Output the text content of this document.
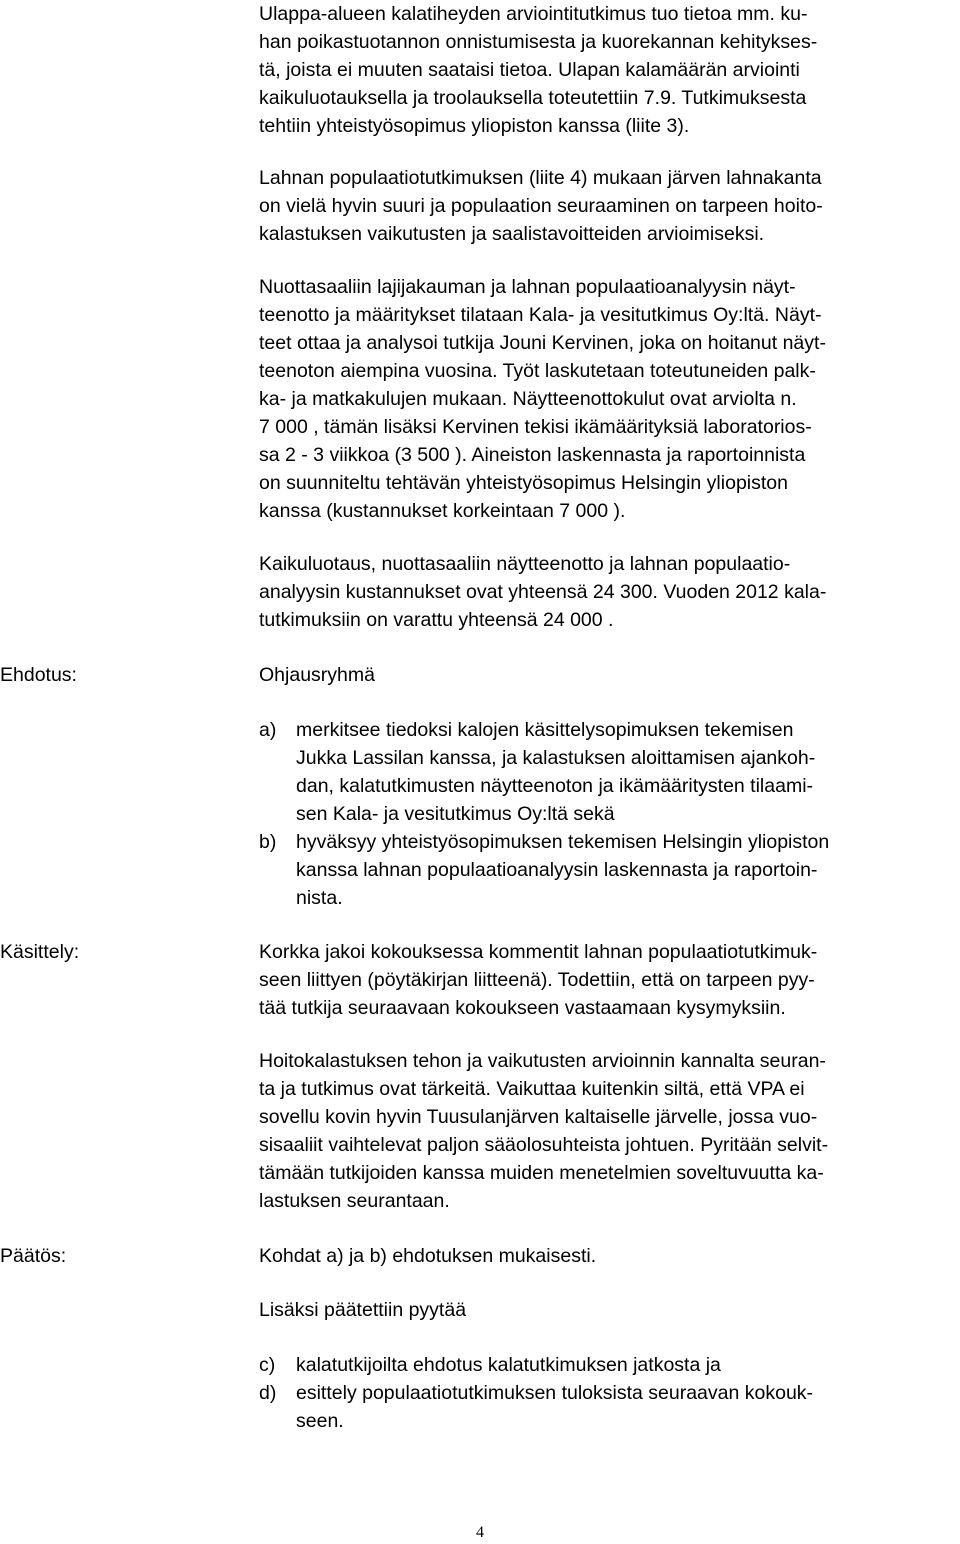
Ulappa-alueen kalatiheyden arviointitutkimus tuo tietoa mm. ku-
han poikastuotannon onnistumisesta ja kuorekannan kehitykses-
tä, joista ei muuten saataisi tietoa. Ulapan kalamäärän arviointi
kaikuluotauksella ja troolauksella toteutettiin 7.9. Tutkimuksesta
tehtiin yhteistyösopimus yliopiston kanssa (liite 3).
Lahnan populaatiotutkimuksen (liite 4) mukaan järven lahnakanta
on vielä hyvin suuri ja populaation seuraaminen on tarpeen hoito-
kalastuksen vaikutusten ja saalistavoitteiden arvioimiseksi.
Nuottasaaliin lajijakauman ja lahnan populaatioanalyysin näyt-
teenotto ja määritykset tilataan Kala- ja vesitutkimus Oy:ltä. Näyt-
teet ottaa ja analysoi tutkija Jouni Kervinen, joka on hoitanut näyt-
teenoton aiempina vuosina. Työt laskutetaan toteutuneiden palk-
ka- ja matkakulujen mukaan. Näytteenottokulut ovat arviolta n.
7 000 , tämän lisäksi Kervinen tekisi ikämäärityksiä laboratorios-
sa 2 - 3 viikkoa (3 500 ). Aineiston laskennasta ja raportoinnista
on suunniteltu tehtävän yhteistyösopimus Helsingin yliopiston
kanssa (kustannukset korkeintaan 7 000 ).
Kaikuluotaus, nuottasaaliin näytteenotto ja lahnan populaatio-
analyysin kustannukset ovat yhteensä 24 300. Vuoden 2012 kala-
tutkimuksiin on varattu yhteensä 24 000 .
Ehdotus:	Ohjausryhmä
a) merkitsee tiedoksi kalojen käsittelysopimuksen tekemisen
Jukka Lassilan kanssa, ja kalastuksen aloittamisen ajankoh-
dan, kalatutkimusten näytteenoton ja ikämääritysten tilaami-
sen Kala- ja vesitutkimus Oy:ltä sekä
b) hyväksyy yhteistyösopimuksen tekemisen Helsingin yliopiston
kanssa lahnan populaatioanalyysin laskennasta ja raportoin-
nista.
Käsittely:	Korkka jakoi kokouksessa kommentit lahnan populaatiotutkimuk-
seen liittyen (pöytäkirjan liitteenä). Todettiin, että on tarpeen pyy-
tää tutkija seuraavaan kokoukseen vastaamaan kysymyksiin.
Hoitokalastuksen tehon ja vaikutusten arvioinnin kannalta seuran-
ta ja tutkimus ovat tärkeitä. Vaikuttaa kuitenkin siltä, että VPA ei
sovellu kovin hyvin Tuusulanjärven kaltaiselle järvelle, jossa vuo-
sisaaliit vaihtelevat paljon sääolosuhteista johtuen. Pyritään selvit-
tämään tutkijoiden kanssa muiden menetelmien soveltuvuutta ka-
lastuksen seurantaan.
Päätös:	Kohdat a) ja b) ehdotuksen mukaisesti.
Lisäksi päätettiin pyytää
c) kalatutkijoilta ehdotus kalatutkimuksen jatkosta ja
d) esittely populaatiotutkimuksen tuloksista seuraavan kokouk-
seen.
4
